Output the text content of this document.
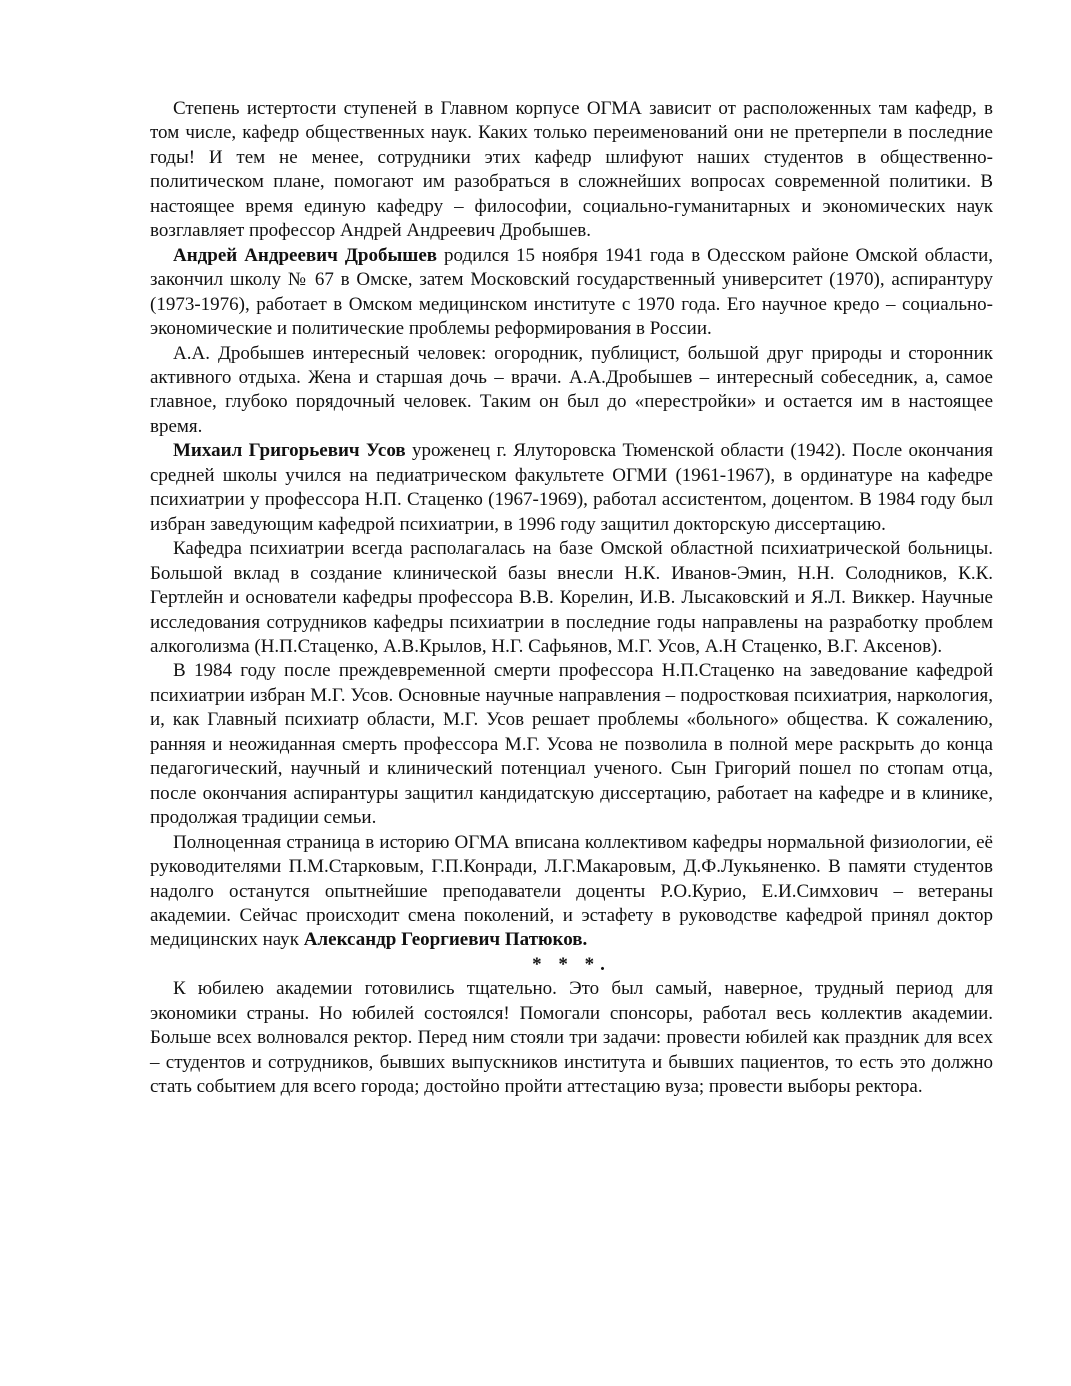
Степень истертости ступеней в Главном корпусе ОГМА зависит от расположенных там кафедр, в том числе, кафедр общественных наук. Каких только переименований они не претерпели в последние годы! И тем не менее, сотрудники этих кафедр шлифуют наших студентов в общественно-политическом плане, помогают им разобраться в сложнейших вопросах современной политики. В настоящее время единую кафедру – философии, социально-гуманитарных и экономических наук возглавляет профессор Андрей Андреевич Дробышев.

Андрей Андреевич Дробышев родился 15 ноября 1941 года в Одесском районе Омской области, закончил школу № 67 в Омске, затем Московский государственный университет (1970), аспирантуру (1973-1976), работает в Омском медицинском институте с 1970 года. Его научное кредо – социально-экономические и политические проблемы реформирования в России.

А.А. Дробышев интересный человек: огородник, публицист, большой друг природы и сторонник активного отдыха. Жена и старшая дочь – врачи. А.А.Дробышев – интересный собеседник, а, самое главное, глубоко порядочный человек. Таким он был до «перестройки» и остается им в настоящее время.

Михаил Григорьевич Усов уроженец г. Ялуторовска Тюменской области (1942). После окончания средней школы учился на педиатрическом факультете ОГМИ (1961-1967), в ординатуре на кафедре психиатрии у профессора Н.П. Стаценко (1967-1969), работал ассистентом, доцентом. В 1984 году был избран заведующим кафедрой психиатрии, в 1996 году защитил докторскую диссертацию.

Кафедра психиатрии всегда располагалась на базе Омской областной психиатрической больницы. Большой вклад в создание клинической базы внесли Н.К. Иванов-Эмин, Н.Н. Солодников, К.К. Гертлейн и основатели кафедры профессора В.В. Корелин, И.В. Лысаковский и Я.Л. Виккер. Научные исследования сотрудников кафедры психиатрии в последние годы направлены на разработку проблем алкоголизма (Н.П.Стаценко, А.В.Крылов, Н.Г. Сафьянов, М.Г. Усов, А.Н Стаценко, В.Г. Аксенов).

В 1984 году после преждевременной смерти профессора Н.П.Стаценко на заведование кафедрой психиатрии избран М.Г. Усов. Основные научные направления – подростковая психиатрия, наркология, и, как Главный психиатр области, М.Г. Усов решает проблемы «больного» общества. К сожалению, ранняя и неожиданная смерть профессора М.Г. Усова не позволила в полной мере раскрыть до конца педагогический, научный и клинический потенциал ученого. Сын Григорий пошел по стопам отца, после окончания аспирантуры защитил кандидатскую диссертацию, работает на кафедре и в клинике, продолжая традиции семьи.

Полноценная страница в историю ОГМА вписана коллективом кафедры нормальной физиологии, её руководителями П.М.Старковым, Г.П.Конради, Л.Г.Макаровым, Д.Ф.Лукьяненко. В памяти студентов надолго останутся опытнейшие преподаватели доценты Р.О.Курио, Е.И.Симхович – ветераны академии. Сейчас происходит смена поколений, и эстафету в руководстве кафедрой принял доктор медицинских наук Александр Георгиевич Патюков.

* * *.

К юбилею академии готовились тщательно. Это был самый, наверное, трудный период для экономики страны. Но юбилей состоялся! Помогали спонсоры, работал весь коллектив академии. Больше всех волновался ректор. Перед ним стояли три задачи: провести юбилей как праздник для всех – студентов и сотрудников, бывших выпускников института и бывших пациентов, то есть это должно стать событием для всего города; достойно пройти аттестацию вуза; провести выборы ректора.
